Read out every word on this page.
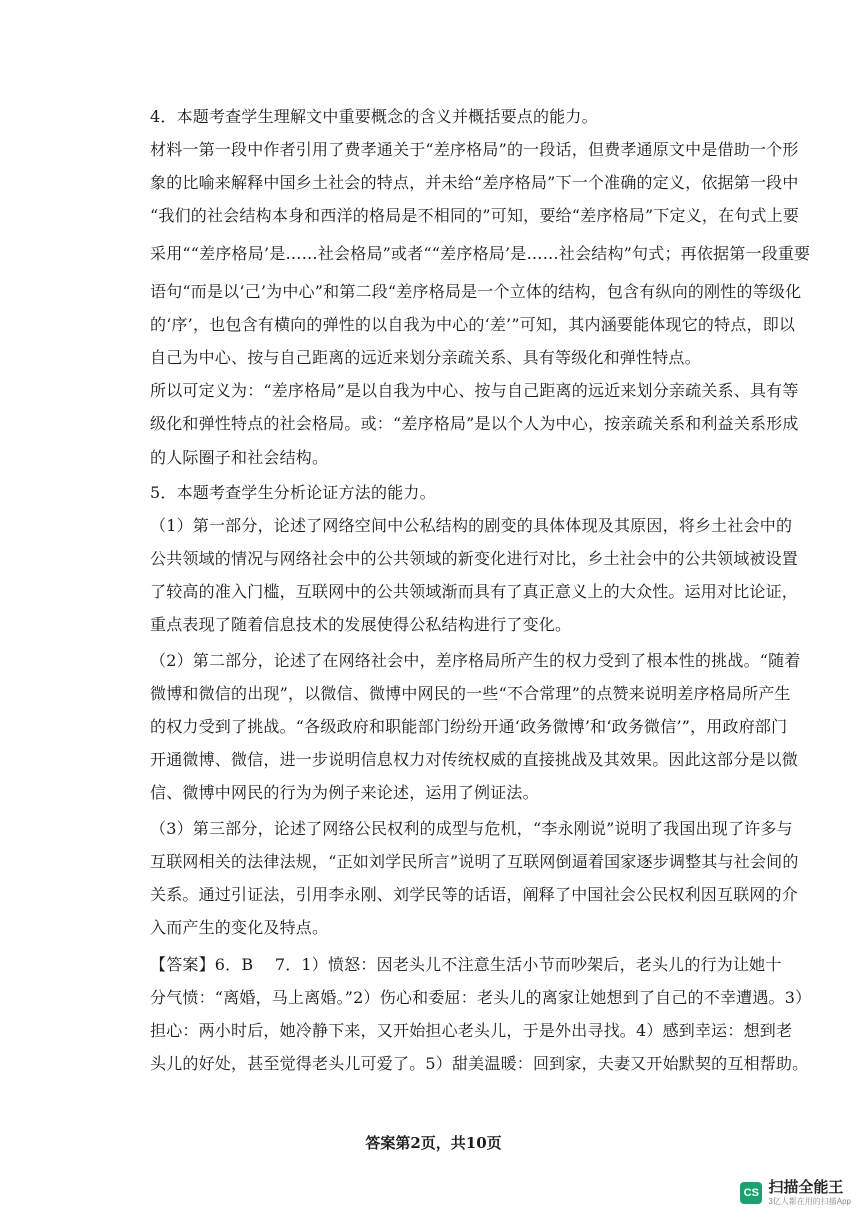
4．本题考查学生理解文中重要概念的含义并概括要点的能力。
材料一第一段中作者引用了费孝通关于“差序格局”的一段话，但费孝通原文中是借助一个形
象的比喻来解释中国乡土社会的特点，并未给“差序格局”下一个准确的定义，依据第一段中
“我们的社会结构本身和西洋的格局是不相同的”可知，要给“差序格局”下定义，在句式上要
采用““差序格局’是……社会格局”或者““差序格局’是……社会结构”句式；再依据第一段重要
语句“而是以‘己’为中心”和第二段“差序格局是一个立体的结构，包含有纵向的刚性的等级化
的‘序’，也包含有横向的弹性的以自我为中心的‘差’”可知，其内涵要能体现它的特点，即以
自己为中心、按与自己距离的远近来划分亲疏关系、具有等级化和弹性特点。
所以可定义为：“差序格局”是以自我为中心、按与自己距离的远近来划分亲疏关系、具有等
级化和弹性特点的社会格局。或：“差序格局”是以个人为中心，按亲疏关系和利益关系形成
的人际圈子和社会结构。
5．本题考查学生分析论证方法的能力。
（1）第一部分，论述了网络空间中公私结构的剧变的具体体现及其原因，将乡土社会中的
公共领域的情况与网络社会中的公共领域的新变化进行对比，乡土社会中的公共领域被设置
了较高的准入门槛，互联网中的公共领域渐而具有了真正意义上的大众性。运用对比论证，
重点表现了随着信息技术的发展使得公私结构进行了变化。
（2）第二部分，论述了在网络社会中，差序格局所产生的权力受到了根本性的挑战。“随着
微博和微信的出现”，以微信、微博中网民的一些“不合常理”的点赞来说明差序格局所产生
的权力受到了挑战。“各级政府和职能部门纷纷开通‘政务微博’和‘政务微信’”，用政府部门
开通微博、微信，进一步说明信息权力对传统权威的直接挑战及其效果。因此这部分是以微
信、微博中网民的行为为例子来论述，运用了例证法。
（3）第三部分，论述了网络公民权利的成型与危机，“李永刚说”说明了我国出现了许多与
互联网相关的法律法规，“正如刘学民所言”说明了互联网倒逼着国家逐步调整其与社会间的
关系。通过引证法，引用李永刚、刘学民等的话语，阐释了中国社会公民权利因互联网的介
入而产生的变化及特点。
【答案】6．B　 7．1）愤怒：因老头儿不注意生活小节而吵架后，老头儿的行为让她十
分气愤：“离婚，马上离婚。”2）伤心和委屈：老头儿的离家让她想到了自己的不幸遭遇。3）
担心：两小时后，她冷静下来，又开始担心老头儿，于是外出寻找。4）感到幸运：想到老
头儿的好处，甚至觉得老头儿可爱了。5）甜美温暖：回到家，夫妻又开始默契的互相帮助。
答案第2页，共10页
CS 扫描全能王
3亿人都在用的扫描App
